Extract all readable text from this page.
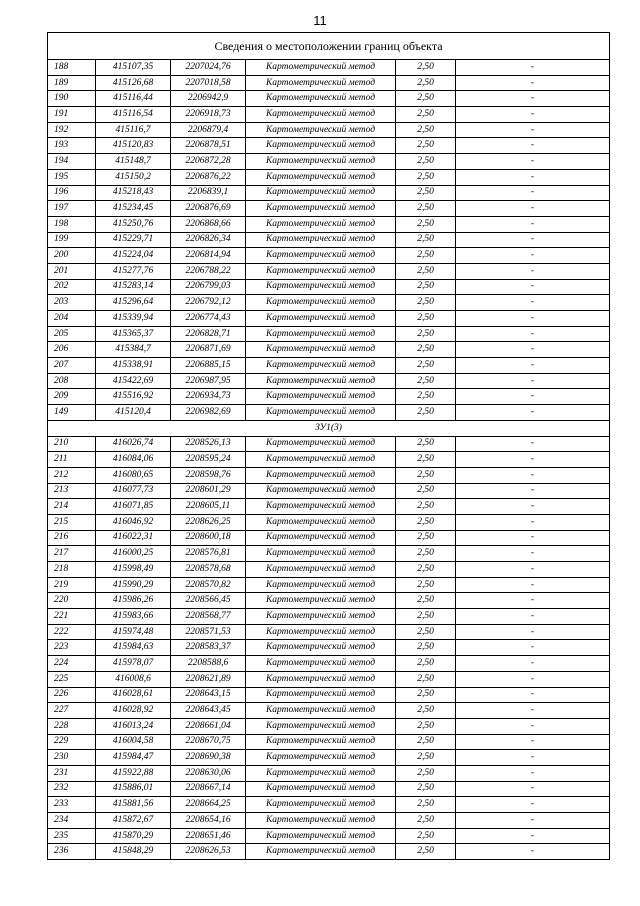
11
Сведения о местоположении границ объекта					
188	415107,35	2207024,76	Картометрический метод	2,50	-
189	415126,68	2207018,58	Картометрический метод	2,50	-
190	415116,44	2206942,9	Картометрический метод	2,50	-
191	415116,54	2206918,73	Картометрический метод	2,50	-
192	415116,7	2206879,4	Картометрический метод	2,50	-
193	415120,83	2206878,51	Картометрический метод	2,50	-
194	415148,7	2206872,28	Картометрический метод	2,50	-
195	415150,2	2206876,22	Картометрический метод	2,50	-
196	415218,43	2206839,1	Картометрический метод	2,50	-
197	415234,45	2206876,69	Картометрический метод	2,50	-
198	415250,76	2206868,66	Картометрический метод	2,50	-
199	415229,71	2206826,34	Картометрический метод	2,50	-
200	415224,04	2206814,94	Картометрический метод	2,50	-
201	415277,76	2206788,22	Картометрический метод	2,50	-
202	415283,14	2206799,03	Картометрический метод	2,50	-
203	415296,64	2206792,12	Картометрический метод	2,50	-
204	415339,94	2206774,43	Картометрический метод	2,50	-
205	415365,37	2206828,71	Картометрический метод	2,50	-
206	415384,7	2206871,69	Картометрический метод	2,50	-
207	415338,91	2206885,15	Картометрический метод	2,50	-
208	415422,69	2206987,95	Картометрический метод	2,50	-
209	415516,92	2206934,73	Картометрический метод	2,50	-
149	415120,4	2206982,69	Картометрический метод	2,50	-
ЗУ1(3)					
210	416026,74	2208526,13	Картометрический метод	2,50	-
211	416084,06	2208595,24	Картометрический метод	2,50	-
212	416080,65	2208598,76	Картометрический метод	2,50	-
213	416077,73	2208601,29	Картометрический метод	2,50	-
214	416071,85	2208605,11	Картометрический метод	2,50	-
215	416046,92	2208626,25	Картометрический метод	2,50	-
216	416022,31	2208600,18	Картометрический метод	2,50	-
217	416000,25	2208576,81	Картометрический метод	2,50	-
218	415998,49	2208578,68	Картометрический метод	2,50	-
219	415990,29	2208570,82	Картометрический метод	2,50	-
220	415986,26	2208566,45	Картометрический метод	2,50	-
221	415983,66	2208568,77	Картометрический метод	2,50	-
222	415974,48	2208571,53	Картометрический метод	2,50	-
223	415984,63	2208583,37	Картометрический метод	2,50	-
224	415978,07	2208588,6	Картометрический метод	2,50	-
225	416008,6	2208621,89	Картометрический метод	2,50	-
226	416028,61	2208643,15	Картометрический метод	2,50	-
227	416028,92	2208643,45	Картометрический метод	2,50	-
228	416013,24	2208661,04	Картометрический метод	2,50	-
229	416004,58	2208670,75	Картометрический метод	2,50	-
230	415984,47	2208690,38	Картометрический метод	2,50	-
231	415922,88	2208630,06	Картометрический метод	2,50	-
232	415886,01	2208667,14	Картометрический метод	2,50	-
233	415881,56	2208664,25	Картометрический метод	2,50	-
234	415872,67	2208654,16	Картометрический метод	2,50	-
235	415870,29	2208651,46	Картометрический метод	2,50	-
236	415848,29	2208626,53	Картометрический метод	2,50	-
